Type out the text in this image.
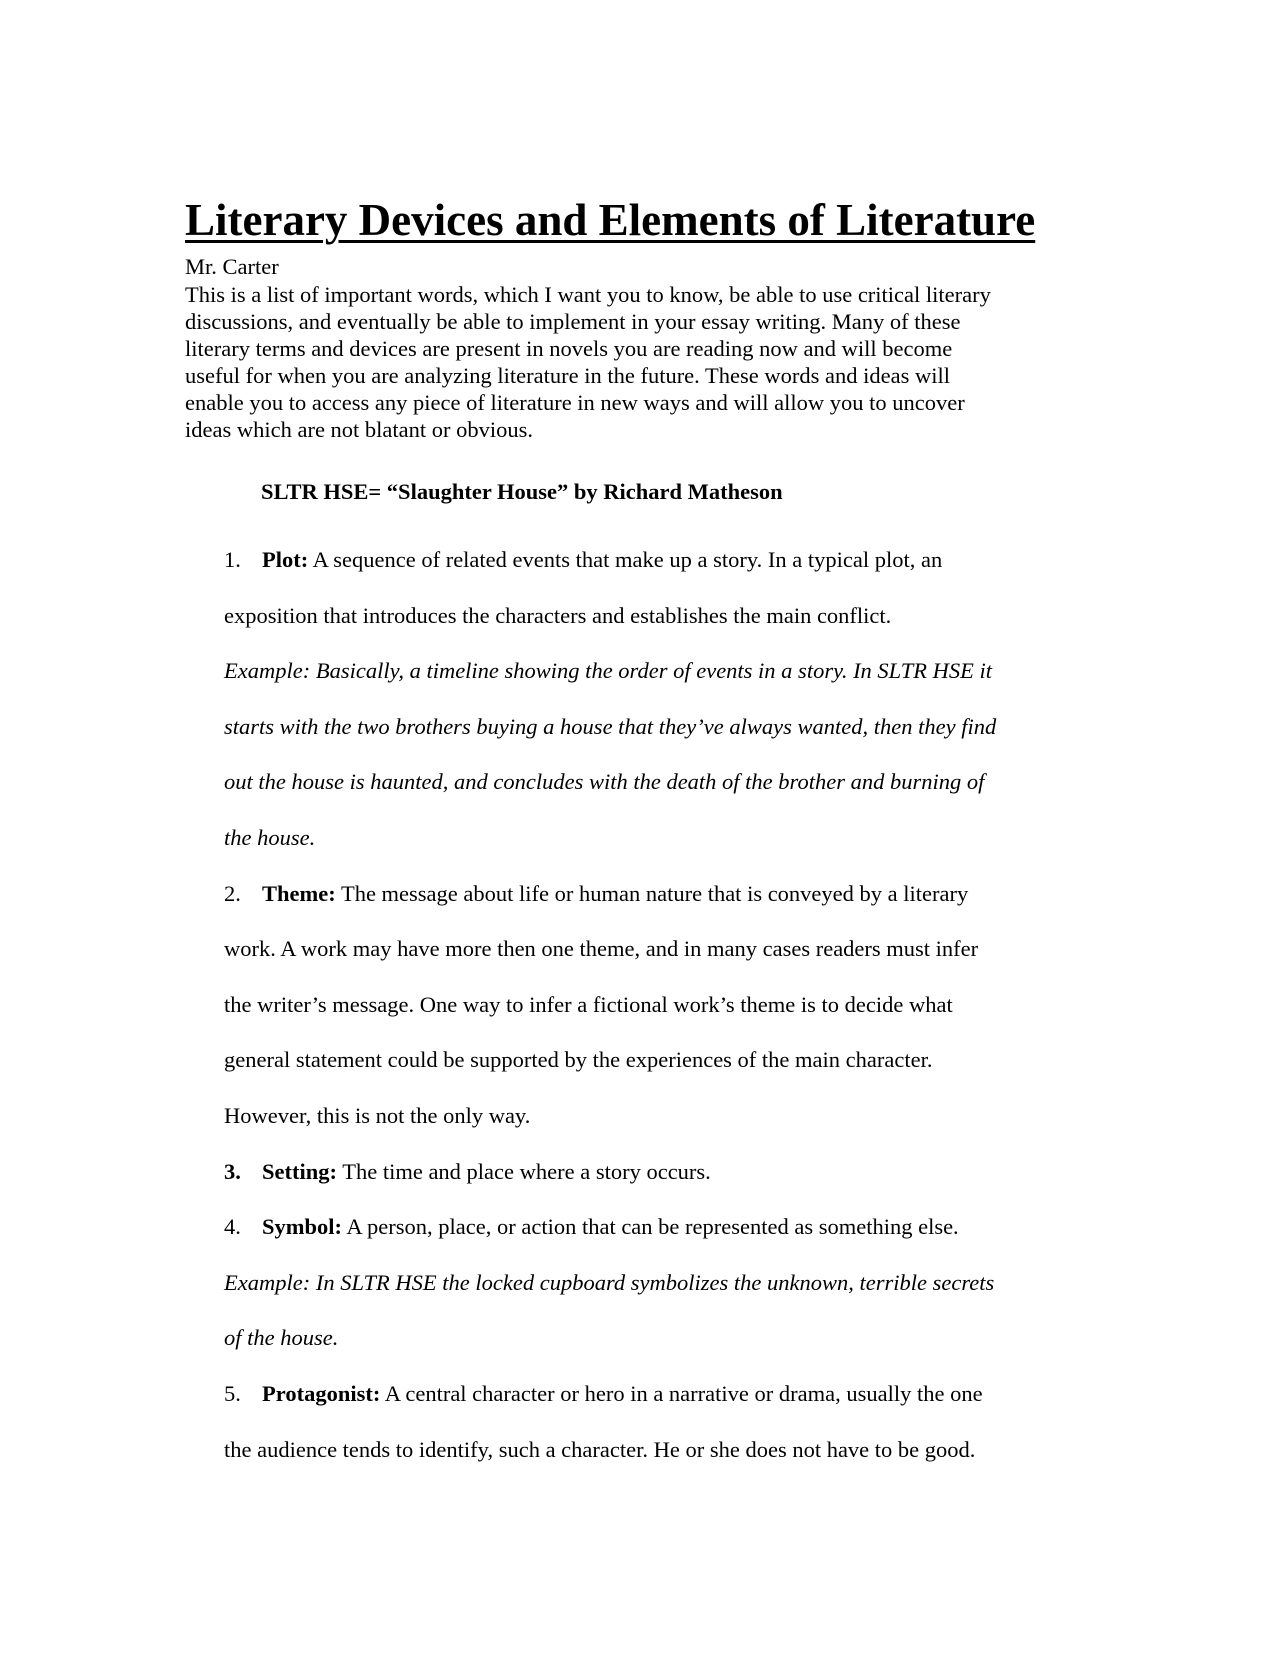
Literary Devices and Elements of Literature
Mr. Carter
This is a list of important words, which I want you to know, be able to use critical literary
discussions, and eventually be able to implement in your essay writing. Many of these
literary terms and devices are present in novels you are reading now and will become
useful for when you are analyzing literature in the future. These words and ideas will
enable you to access any piece of literature in new ways and will allow you to uncover
ideas which are not blatant or obvious.
SLTR HSE= “Slaughter House” by Richard Matheson
1. Plot: A sequence of related events that make up a story. In a typical plot, an
exposition that introduces the characters and establishes the main conflict.
Example: Basically, a timeline showing the order of events in a story. In SLTR HSE it
starts with the two brothers buying a house that they’ve always wanted, then they find
out the house is haunted, and concludes with the death of the brother and burning of
the house.
2. Theme: The message about life or human nature that is conveyed by a literary
work. A work may have more then one theme, and in many cases readers must infer
the writer’s message. One way to infer a fictional work’s theme is to decide what
general statement could be supported by the experiences of the main character.
However, this is not the only way.
3. Setting: The time and place where a story occurs.
4. Symbol: A person, place, or action that can be represented as something else.
Example: In SLTR HSE the locked cupboard symbolizes the unknown, terrible secrets
of the house.
5. Protagonist: A central character or hero in a narrative or drama, usually the one
the audience tends to identify, such a character. He or she does not have to be good.
